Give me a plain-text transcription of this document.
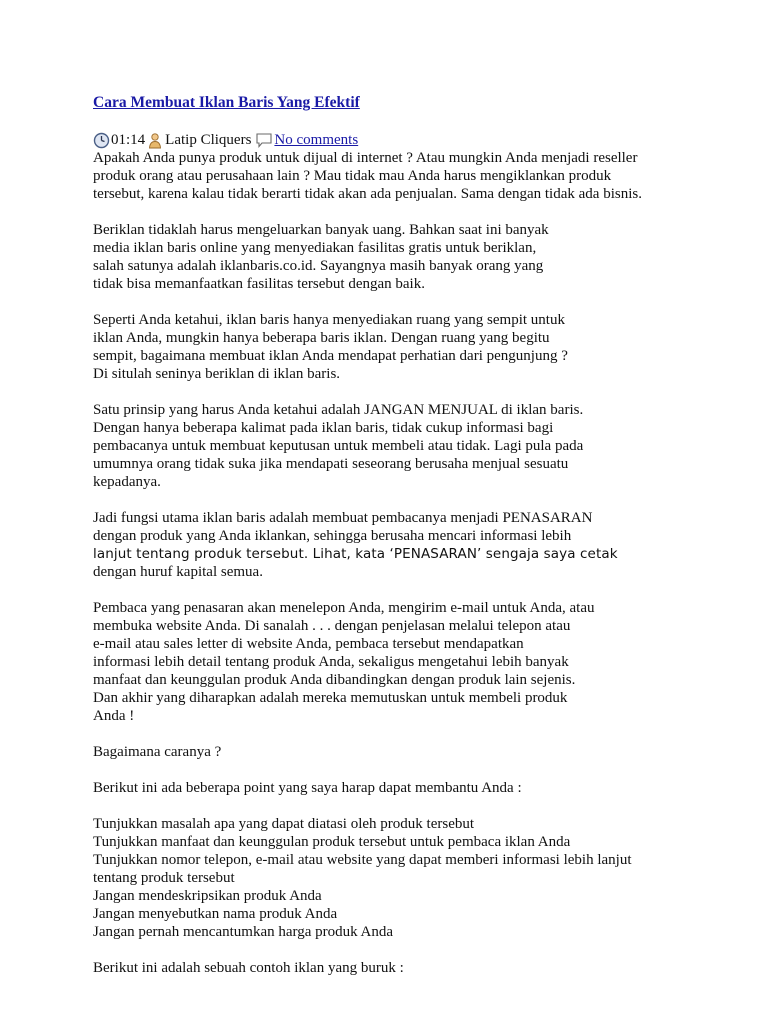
Cara Membuat Iklan Baris Yang Efektif
01:14 Latip Cliquers No comments
Apakah Anda punya produk untuk dijual di internet ? Atau mungkin Anda menjadi reseller
produk orang atau perusahaan lain ? Mau tidak mau Anda harus mengiklankan produk
tersebut, karena kalau tidak berarti tidak akan ada penjualan. Sama dengan tidak ada bisnis.
Beriklan tidaklah harus mengeluarkan banyak uang. Bahkan saat ini banyak
media iklan baris online yang menyediakan fasilitas gratis untuk beriklan,
salah satunya adalah iklanbaris.co.id. Sayangnya masih banyak orang yang
tidak bisa memanfaatkan fasilitas tersebut dengan baik.
Seperti Anda ketahui, iklan baris hanya menyediakan ruang yang sempit untuk
iklan Anda, mungkin hanya beberapa baris iklan. Dengan ruang yang begitu
sempit, bagaimana membuat iklan Anda mendapat perhatian dari pengunjung ?
Di situlah seninya beriklan di iklan baris.
Satu prinsip yang harus Anda ketahui adalah JANGAN MENJUAL di iklan baris.
Dengan hanya beberapa kalimat pada iklan baris, tidak cukup informasi bagi
pembacanya untuk membuat keputusan untuk membeli atau tidak. Lagi pula pada
umumnya orang tidak suka jika mendapati seseorang berusaha menjual sesuatu
kepadanya.
Jadi fungsi utama iklan baris adalah membuat pembacanya menjadi PENASARAN
dengan produk yang Anda iklankan, sehingga berusaha mencari informasi lebih
lanjut tentang produk tersebut. Lihat, kata ‘PENASARAN’ sengaja saya cetak
dengan huruf kapital semua.
Pembaca yang penasaran akan menelepon Anda, mengirim e-mail untuk Anda, atau
membuka website Anda. Di sanalah . . . dengan penjelasan melalui telepon atau
e-mail atau sales letter di website Anda, pembaca tersebut mendapatkan
informasi lebih detail tentang produk Anda, sekaligus mengetahui lebih banyak
manfaat dan keunggulan produk Anda dibandingkan dengan produk lain sejenis.
Dan akhir yang diharapkan adalah mereka memutuskan untuk membeli produk
Anda !
Bagaimana caranya ?
Berikut ini ada beberapa point yang saya harap dapat membantu Anda :
Tunjukkan masalah apa yang dapat diatasi oleh produk tersebut
Tunjukkan manfaat dan keunggulan produk tersebut untuk pembaca iklan Anda
Tunjukkan nomor telepon, e-mail atau website yang dapat memberi informasi lebih lanjut
tentang produk tersebut
Jangan mendeskripsikan produk Anda
Jangan menyebutkan nama produk Anda
Jangan pernah mencantumkan harga produk Anda
Berikut ini adalah sebuah contoh iklan yang buruk :
